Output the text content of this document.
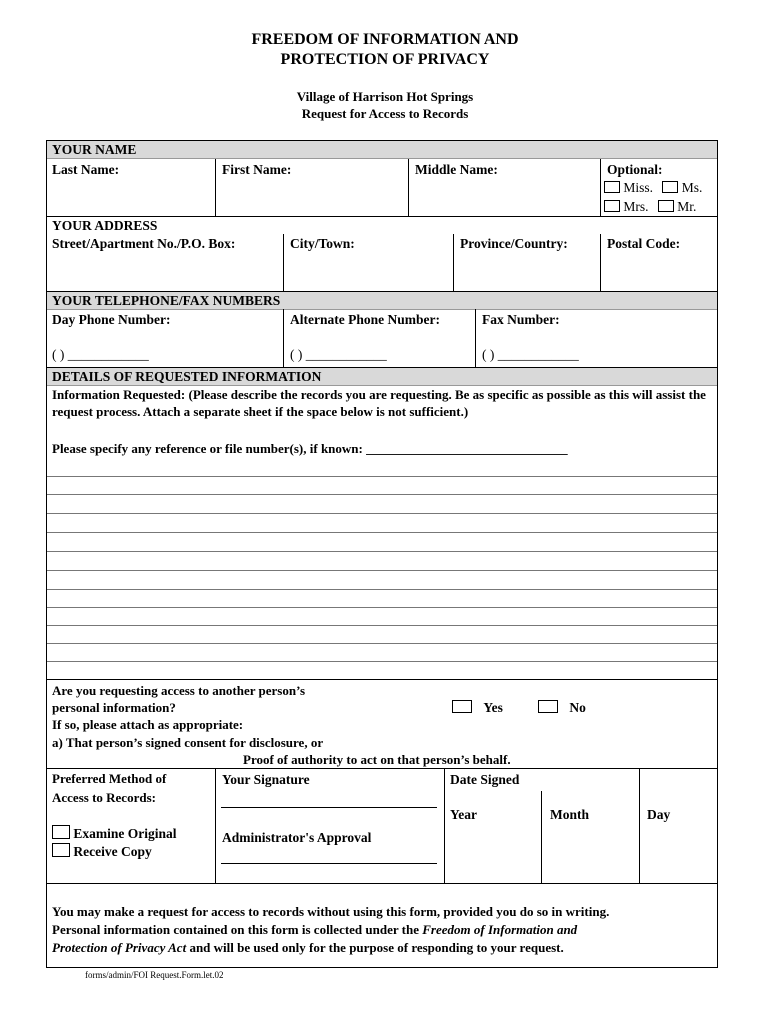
FREEDOM OF INFORMATION AND
PROTECTION OF PRIVACY
Village of Harrison Hot Springs
Request for Access to Records
YOUR NAME
Last Name:	First Name:	Middle Name:	Optional:
Miss. Ms.
Mrs. Mr.
YOUR ADDRESS
Street/Apartment No./P.O. Box:	City/Town:	Province/Country:	Postal Code:
YOUR TELEPHONE/FAX NUMBERS
Day Phone Number:
( ) ____________
Alternate Phone Number:
( ) ____________
Fax Number:
( ) ____________
DETAILS OF REQUESTED INFORMATION
Information Requested: (Please describe the records you are requesting. Be as specific as possible as this will assist the request process. Attach a separate sheet if the space below is not sufficient.)
Please specify any reference or file number(s), if known: _______________________________
Are you requesting access to another person’s
personal information?	Yes	No
If so, please attach as appropriate:
a) That person’s signed consent for disclosure, or
Proof of authority to act on that person’s behalf.
Preferred Method of
Access to Records:
Examine Original
Receive Copy
Your Signature
Administrator's Approval
Date Signed
Year	Month	Day
You may make a request for access to records without using this form, provided you do so in writing.
Personal information contained on this form is collected under the Freedom of Information and
Protection of Privacy Act and will be used only for the purpose of responding to your request.
forms/admin/FOI Request.Form.let.02
